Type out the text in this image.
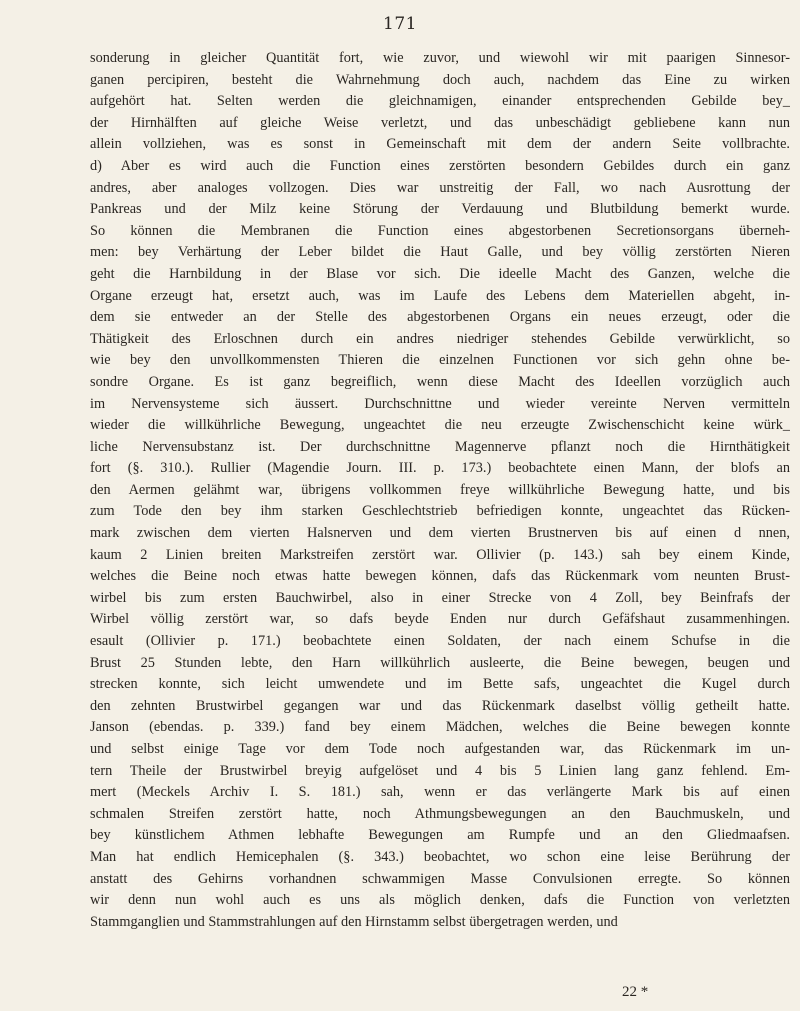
171
sonderung in gleicher Quantität fort, wie zuvor, und wiewohl wir mit paarigen Sinnesor-
ganen percipiren, besteht die Wahrnehmung doch auch, nachdem das Eine zu wirken
aufgehört hat. Selten werden die gleichnamigen, einander entsprechenden Gebilde bey_
der Hirnhälften auf gleiche Weise verletzt, und das unbeschädigt gebliebene kann nun
allein vollziehen, was es sonst in Gemeinschaft mit dem der andern Seite vollbrachte.
d) Aber es wird auch die Function eines zerstörten besondern Gebildes durch ein ganz
andres, aber analoges vollzogen. Dies war unstreitig der Fall, wo nach Ausrottung der
Pankreas und der Milz keine Störung der Verdauung und Blutbildung bemerkt wurde.
So können die Membranen die Function eines abgestorbenen Secretionsorgans überneh-
men: bey Verhärtung der Leber bildet die Haut Galle, und bey völlig zerstörten Nieren
geht die Harnbildung in der Blase vor sich. Die ideelle Macht des Ganzen, welche die
Organe erzeugt hat, ersetzt auch, was im Laufe des Lebens dem Materiellen abgeht, in-
dem sie entweder an der Stelle des abgestorbenen Organs ein neues erzeugt, oder die
Thätigkeit des Erloschnen durch ein andres niedriger stehendes Gebilde verwürklicht, so
wie bey den unvollkommensten Thieren die einzelnen Functionen vor sich gehn ohne be-
sondre Organe. Es ist ganz begreiflich, wenn diese Macht des Ideellen vorzüglich auch
im Nervensysteme sich äussert. Durchschnittne und wieder vereinte Nerven vermitteln
wieder die willkührliche Bewegung, ungeachtet die neu erzeugte Zwischenschicht keine würk_
liche Nervensubstanz ist. Der durchschnittne Magennerve pflanzt noch die Hirnthätigkeit
fort (§. 310.). Rullier (Magendie Journ. III. p. 173.) beobachtete einen Mann, der blofs an
den Aermen gelähmt war, übrigens vollkommen freye willkührliche Bewegung hatte, und bis
zum Tode den bey ihm starken Geschlechtstrieb befriedigen konnte, ungeachtet das Rücken-
mark zwischen dem vierten Halsnerven und dem vierten Brustnerven bis auf einen d nnen,
kaum 2 Linien breiten Markstreifen zerstört war. Ollivier (p. 143.) sah bey einem Kinde,
welches die Beine noch etwas hatte bewegen können, dafs das Rückenmark vom neunten Brust-
wirbel bis zum ersten Bauchwirbel, also in einer Strecke von 4 Zoll, bey Beinfrafs der
Wirbel völlig zerstört war, so dafs beyde Enden nur durch Gefäfshaut zusammenhingen.
esault (Ollivier p. 171.) beobachtete einen Soldaten, der nach einem Schufse in die
Brust 25 Stunden lebte, den Harn willkührlich ausleerte, die Beine bewegen, beugen und
strecken konnte, sich leicht umwendete und im Bette safs, ungeachtet die Kugel durch
den zehnten Brustwirbel gegangen war und das Rückenmark daselbst völlig getheilt hatte.
Janson (ebendas. p. 339.) fand bey einem Mädchen, welches die Beine bewegen konnte
und selbst einige Tage vor dem Tode noch aufgestanden war, das Rückenmark im un-
tern Theile der Brustwirbel breyig aufgelöset und 4 bis 5 Linien lang ganz fehlend. Em-
mert (Meckels Archiv I. S. 181.) sah, wenn er das verlängerte Mark bis auf einen
schmalen Streifen zerstört hatte, noch Athmungsbewegungen an den Bauchmuskeln, und
bey künstlichem Athmen lebhafte Bewegungen am Rumpfe und an den Gliedmaafsen.
Man hat endlich Hemicephalen (§. 343.) beobachtet, wo schon eine leise Berührung der
anstatt des Gehirns vorhandnen schwammigen Masse Convulsionen erregte. So können
wir denn nun wohl auch es uns als möglich denken, dafs die Function von verletzten
Stammganglien und Stammstrahlungen auf den Hirnstamm selbst übergetragen werden, und
22 *
